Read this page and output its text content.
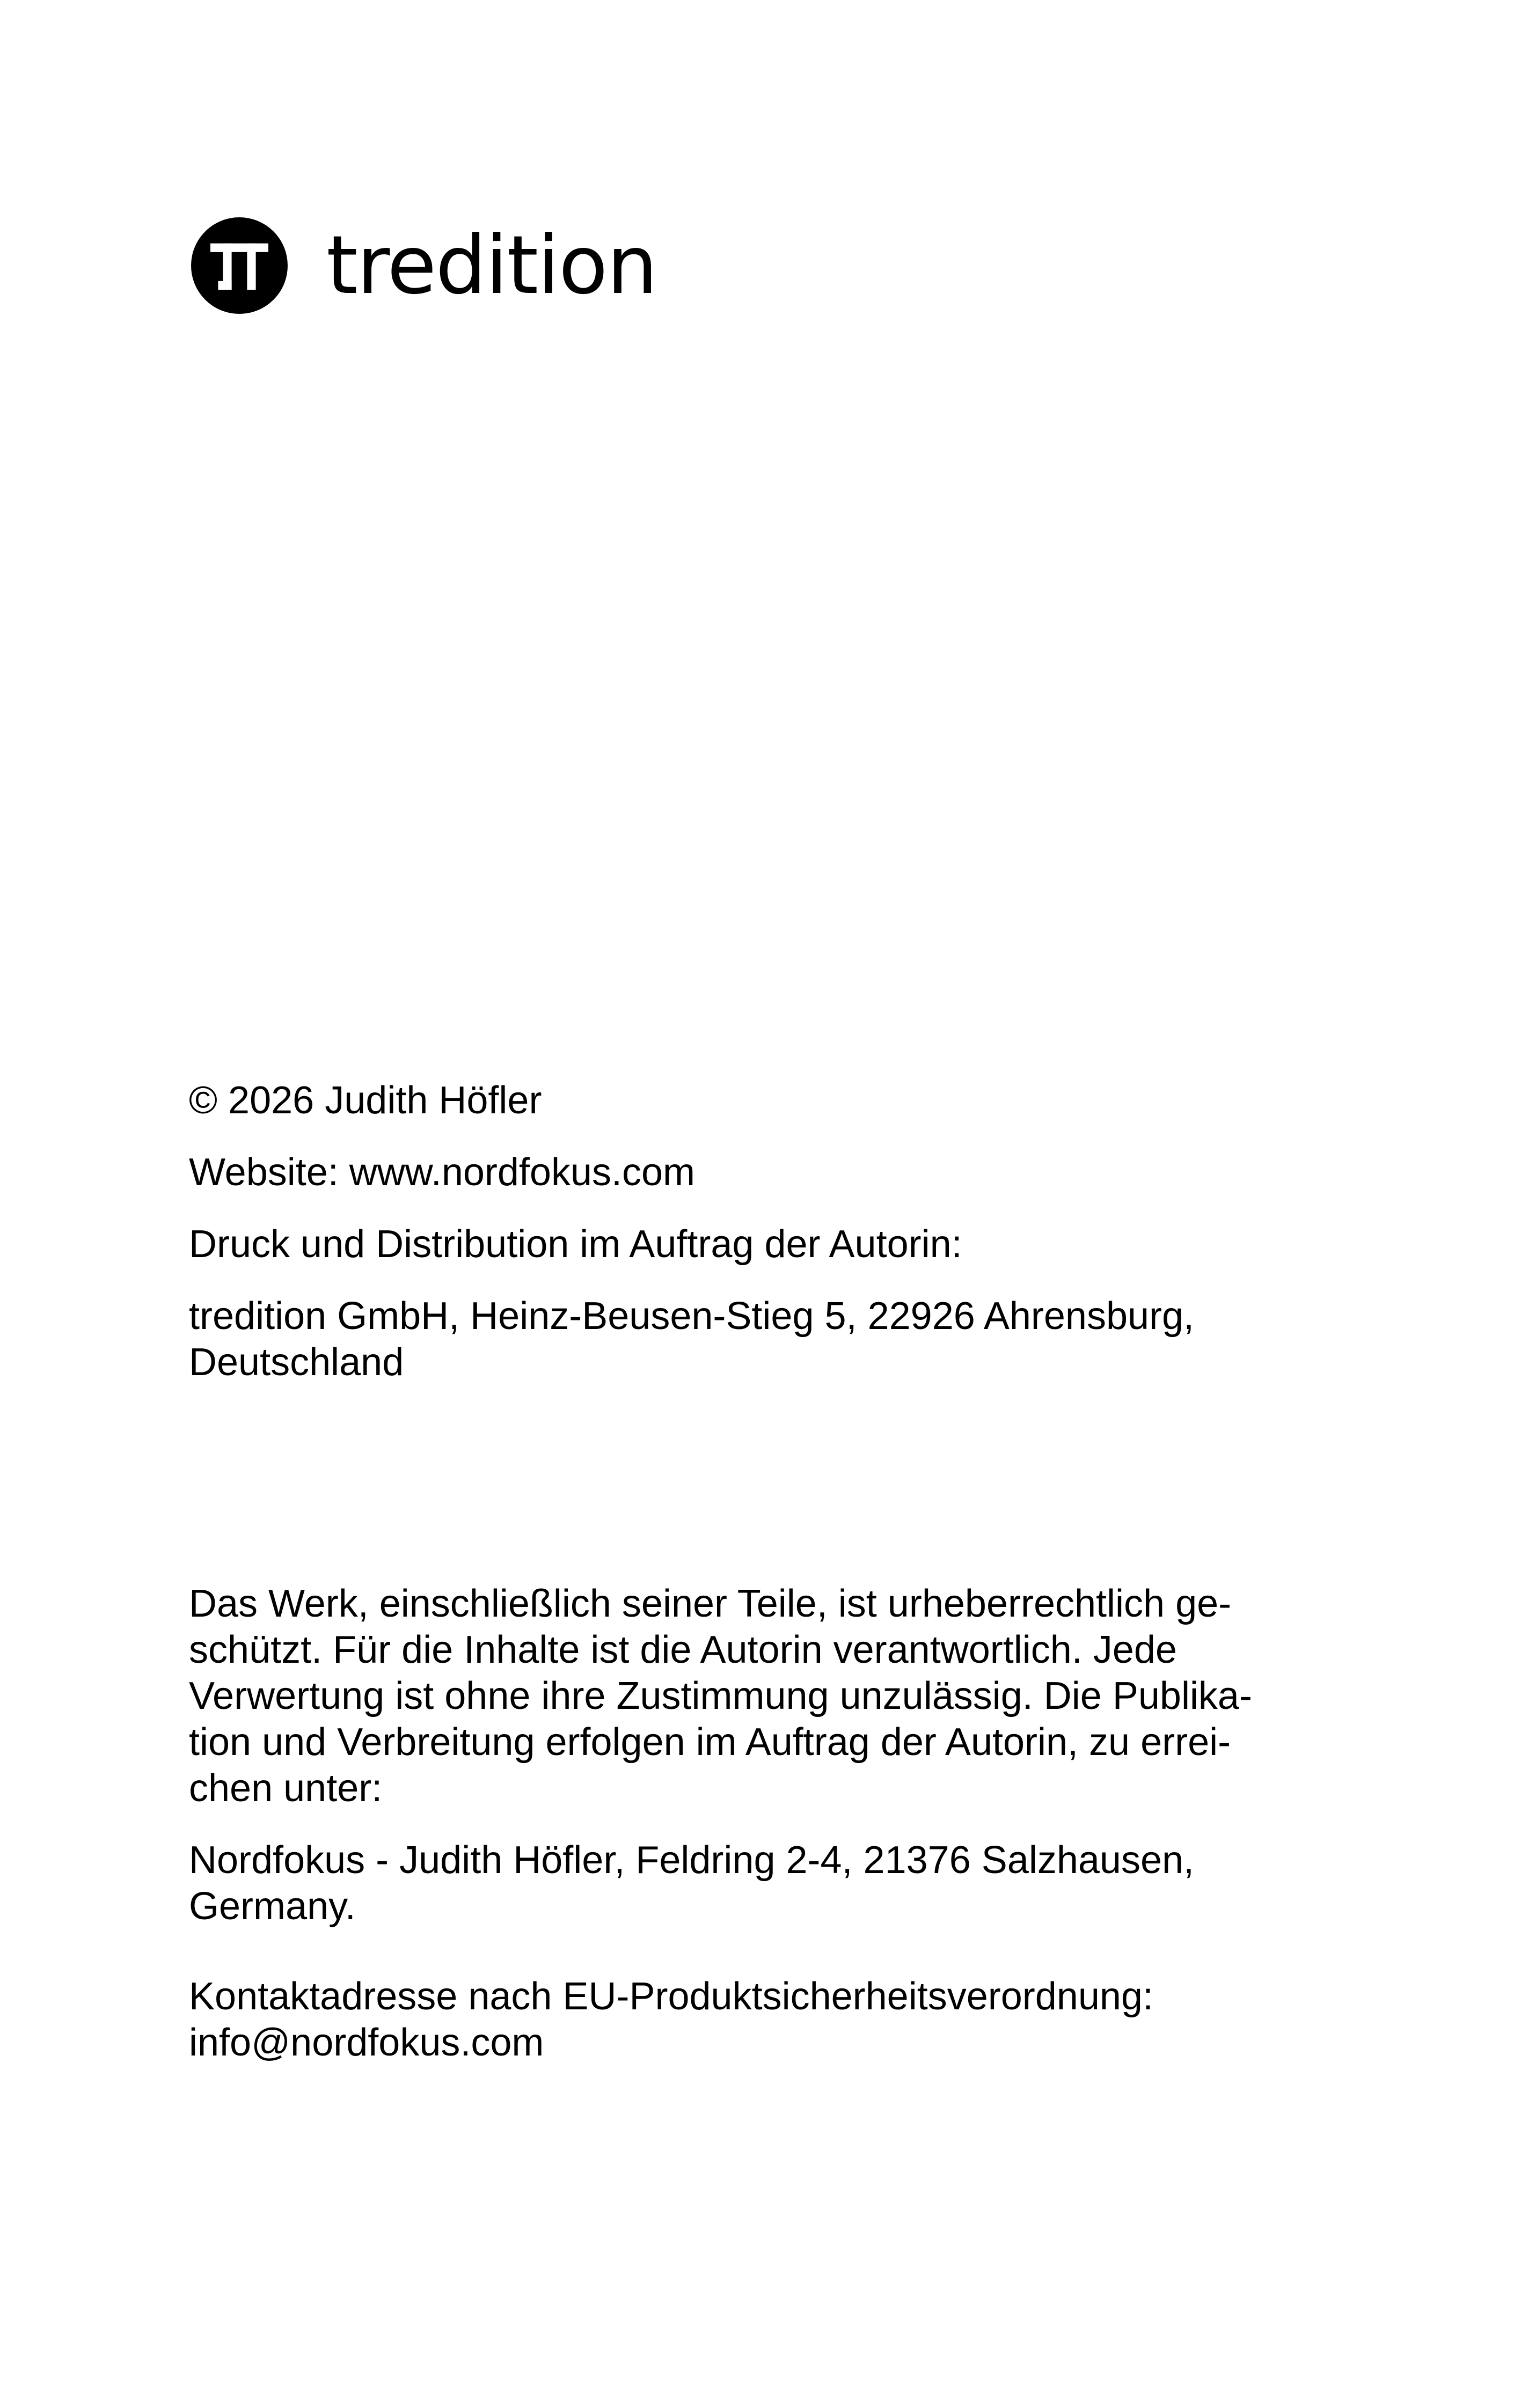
tredition

© 2026 Judith Höfler

Website: www.nordfokus.com

Druck und Distribution im Auftrag der Autorin:

tredition GmbH, Heinz-Beusen-Stieg 5, 22926 Ahrensburg,

Deutschland

Das Werk, einschließlich seiner Teile, ist urheberrechtlich ge-

schützt. Für die Inhalte ist die Autorin verantwortlich. Jede

Verwertung ist ohne ihre Zustimmung unzulässig. Die Publika-

tion und Verbreitung erfolgen im Auftrag der Autorin, zu errei-

chen unter:

Nordfokus - Judith Höfler, Feldring 2-4, 21376 Salzhausen,

Germany.

Kontaktadresse nach EU-Produktsicherheitsverordnung:

info@nordfokus.com
